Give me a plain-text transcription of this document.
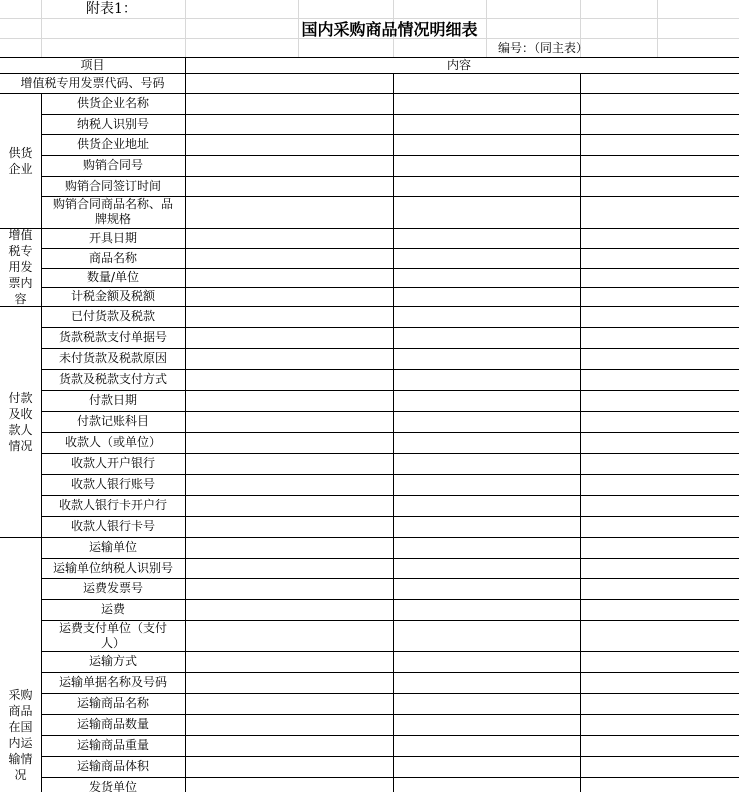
附表1：
国内采购商品情况明细表
编号：（同主表）
项目	内容
增值税专用发票代码、号码
供货
企业
供货企业名称
纳税人识别号
供货企业地址
购销合同号
购销合同签订时间
购销合同商品名称、品
牌规格
增值
税专
用发
票内
容
开具日期
商品名称
数量/单位
计税金额及税额
付款
及收
款人
情况
已付货款及税款
货款税款支付单据号
未付货款及税款原因
货款及税款支付方式
付款日期
付款记账科目
收款人（或单位）
收款人开户银行
收款人银行账号
收款人银行卡开户行
收款人银行卡号
采购
商品
在国
内运
输情
况
运输单位
运输单位纳税人识别号
运费发票号
运费
运费支付单位（支付
人）
运输方式
运输单据名称及号码
运输商品名称
运输商品数量
运输商品重量
运输商品体积
发货单位
